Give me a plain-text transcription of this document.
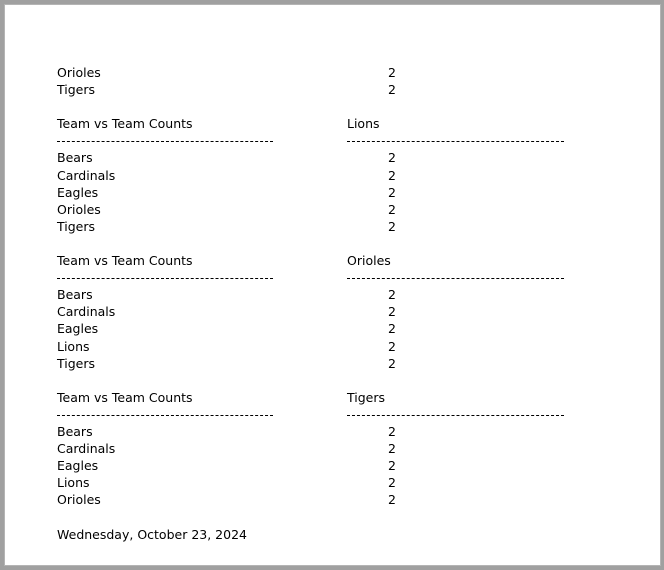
Orioles	2
Tigers	2
Team vs Team Counts	Lions
Bears	2
Cardinals	2
Eagles	2
Orioles	2
Tigers	2
Team vs Team Counts	Orioles
Bears	2
Cardinals	2
Eagles	2
Lions	2
Tigers	2
Team vs Team Counts	Tigers
Bears	2
Cardinals	2
Eagles	2
Lions	2
Orioles	2
Wednesday, October 23, 2024
